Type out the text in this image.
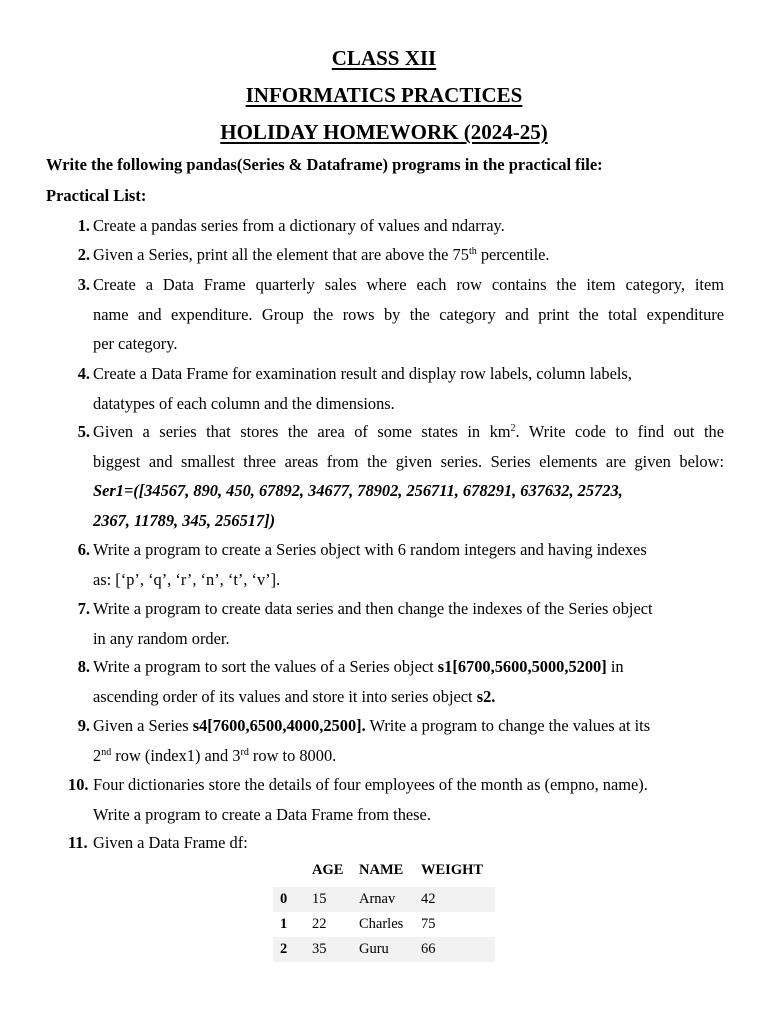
CLASS XII
INFORMATICS PRACTICES
HOLIDAY HOMEWORK (2024-25)
Write the following pandas(Series & Dataframe) programs in the practical file:
Practical List:
1. Create a pandas series from a dictionary of values and ndarray.
2. Given a Series, print all the element that are above the 75th percentile.
3. Create a Data Frame quarterly sales where each row contains the item category, item
name and expenditure. Group the rows by the category and print the total expenditure
per category.
4. Create a Data Frame for examination result and display row labels, column labels,
datatypes of each column and the dimensions.
5. Given a series that stores the area of some states in $km^2$. Write code to find out the
biggest and smallest three areas from the given series. Series elements are given below:
Ser1=([34567, 890, 450, 67892, 34677, 78902, 256711, 678291, 637632, 25723,
2367, 11789, 345, 256517])
6. Write a program to create a Series object with 6 random integers and having indexes
as: [‘p’, ‘q’, ‘r’, ‘n’, ‘t’, ‘v’].
7. Write a program to create data series and then change the indexes of the Series object
in any random order.
8. Write a program to sort the values of a Series object s1[6700,5600,5000,5200] in
ascending order of its values and store it into series object s2.
9. Given a Series s4[7600,6500,4000,2500]. Write a program to change the values at its
2nd row (index1) and 3rd row to 8000.
10. Four dictionaries store the details of four employees of the month as (empno, name).
Write a program to create a Data Frame from these.
11. Given a Data Frame df:
AGE NAME WEIGHT
0 15 Arnav 42
1 22 Charles 75
2 35 Guru 66
